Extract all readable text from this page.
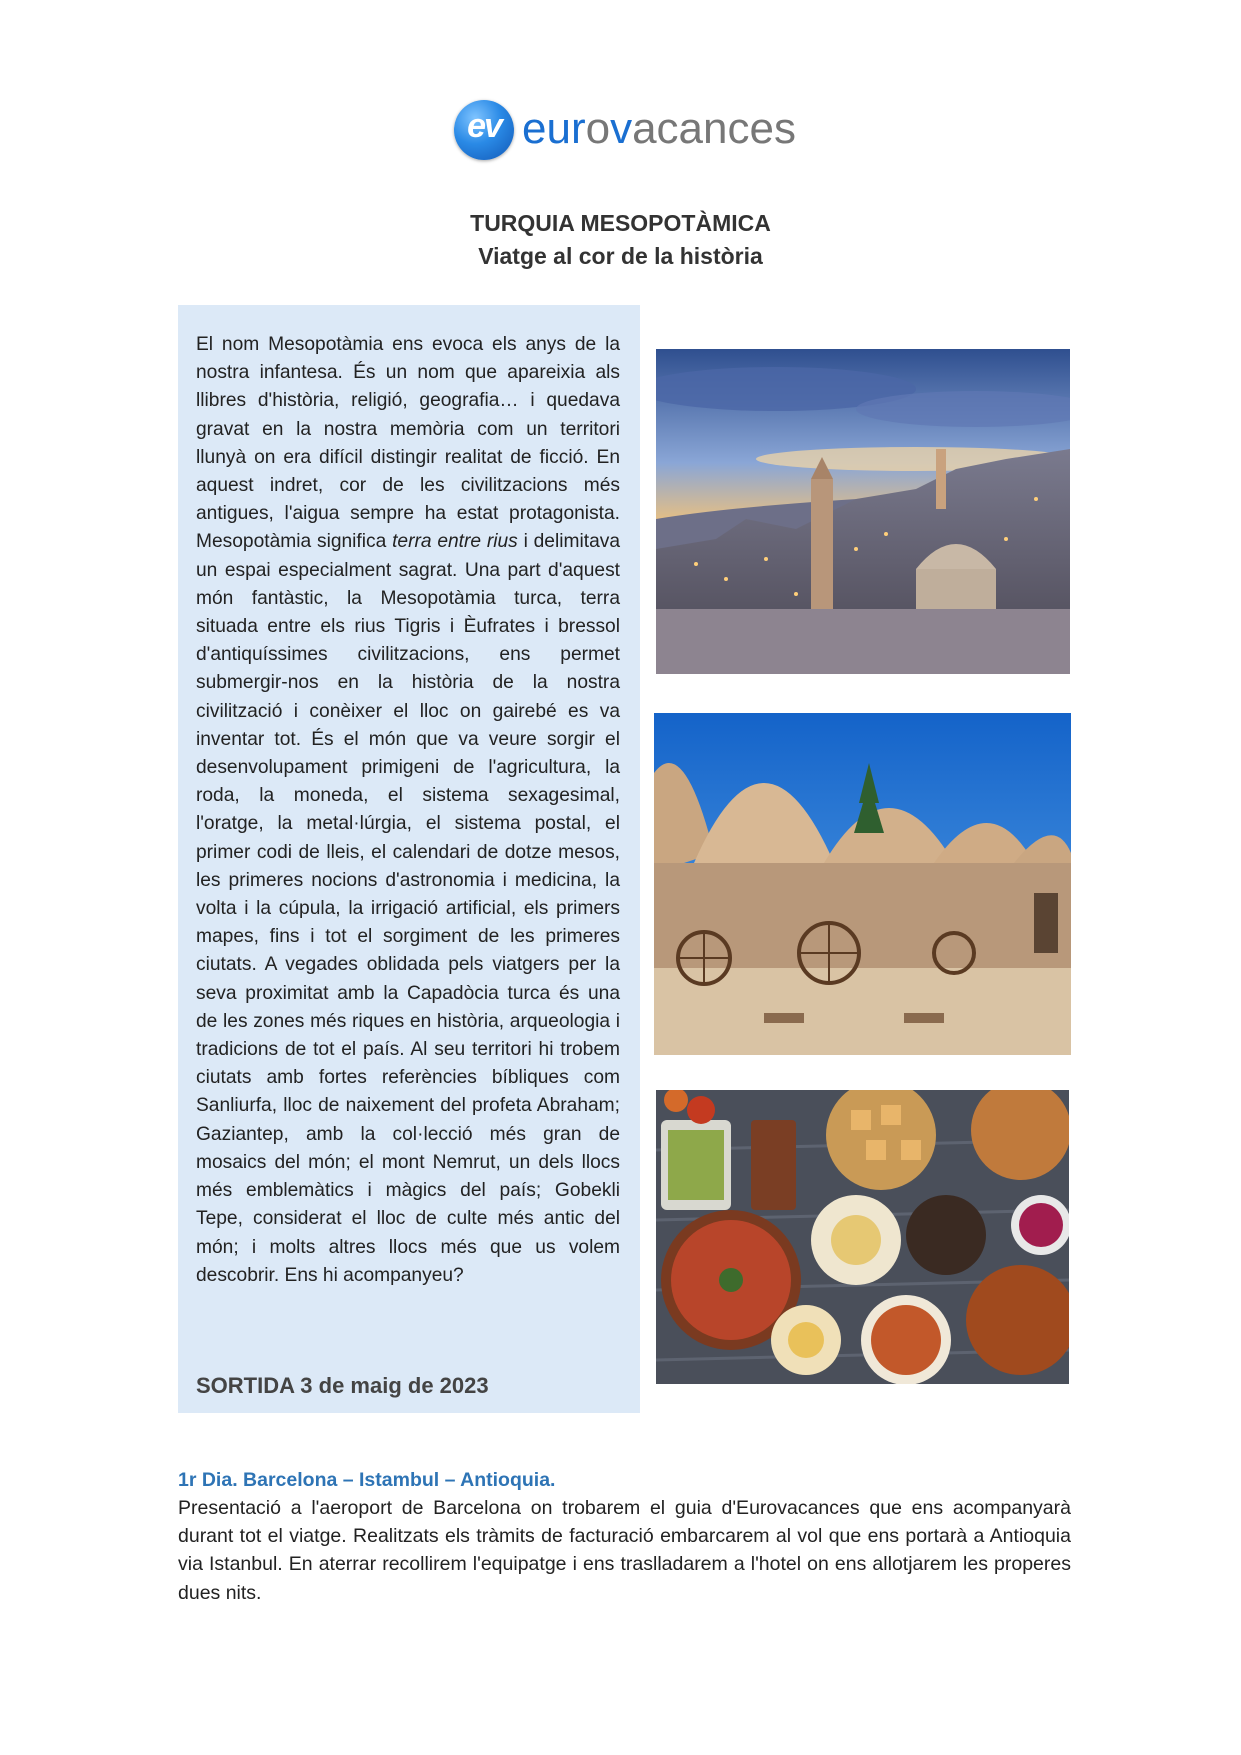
ev eurovacances
TURQUIA MESOPOTÀMICA
Viatge al cor de la història

El nom Mesopotàmia ens evoca els anys de la nostra infantesa. És un nom que apareixia als llibres d'història, religió, geografia… i quedava gravat en la nostra memòria com un territori llunyà on era difícil distingir realitat de ficció. En aquest indret, cor de les civilitzacions més antigues, l'aigua sempre ha estat protagonista. Mesopotàmia significa terra entre rius i delimitava un espai especialment sagrat. Una part d'aquest món fantàstic, la Mesopotàmia turca, terra situada entre els rius Tigris i Èufrates i bressol d'antiquíssimes civilitzacions, ens permet submergir-nos en la història de la nostra civilització i conèixer el lloc on gairebé es va inventar tot. És el món que va veure sorgir el desenvolupament primigeni de l'agricultura, la roda, la moneda, el sistema sexagesimal, l'oratge, la metal·lúrgia, el sistema postal, el primer codi de lleis, el calendari de dotze mesos, les primeres nocions d'astronomia i medicina, la volta i la cúpula, la irrigació artificial, els primers mapes, fins i tot el sorgiment de les primeres ciutats. A vegades oblidada pels viatgers per la seva proximitat amb la Capadòcia turca és una de les zones més riques en història, arqueologia i tradicions de tot el país. Al seu territori hi trobem ciutats amb fortes referències bíbliques com Sanliurfa, lloc de naixement del profeta Abraham; Gaziantep, amb la col·lecció més gran de mosaics del món; el mont Nemrut, un dels llocs més emblemàtics i màgics del país; Gobekli Tepe, considerat el lloc de culte més antic del món; i molts altres llocs més que us volem descobrir. Ens hi acompanyeu?

SORTIDA 3 de maig de 2023
1r Dia. Barcelona – Istambul – Antioquia.

Presentació a l'aeroport de Barcelona on trobarem el guia d'Eurovacances que ens acompanyarà durant tot el viatge. Realitzats els tràmits de facturació embarcarem al vol que ens portarà a Antioquia via Istanbul. En aterrar recollirem l'equipatge i ens traslladarem a l'hotel on ens allotjarem les properes dues nits.
